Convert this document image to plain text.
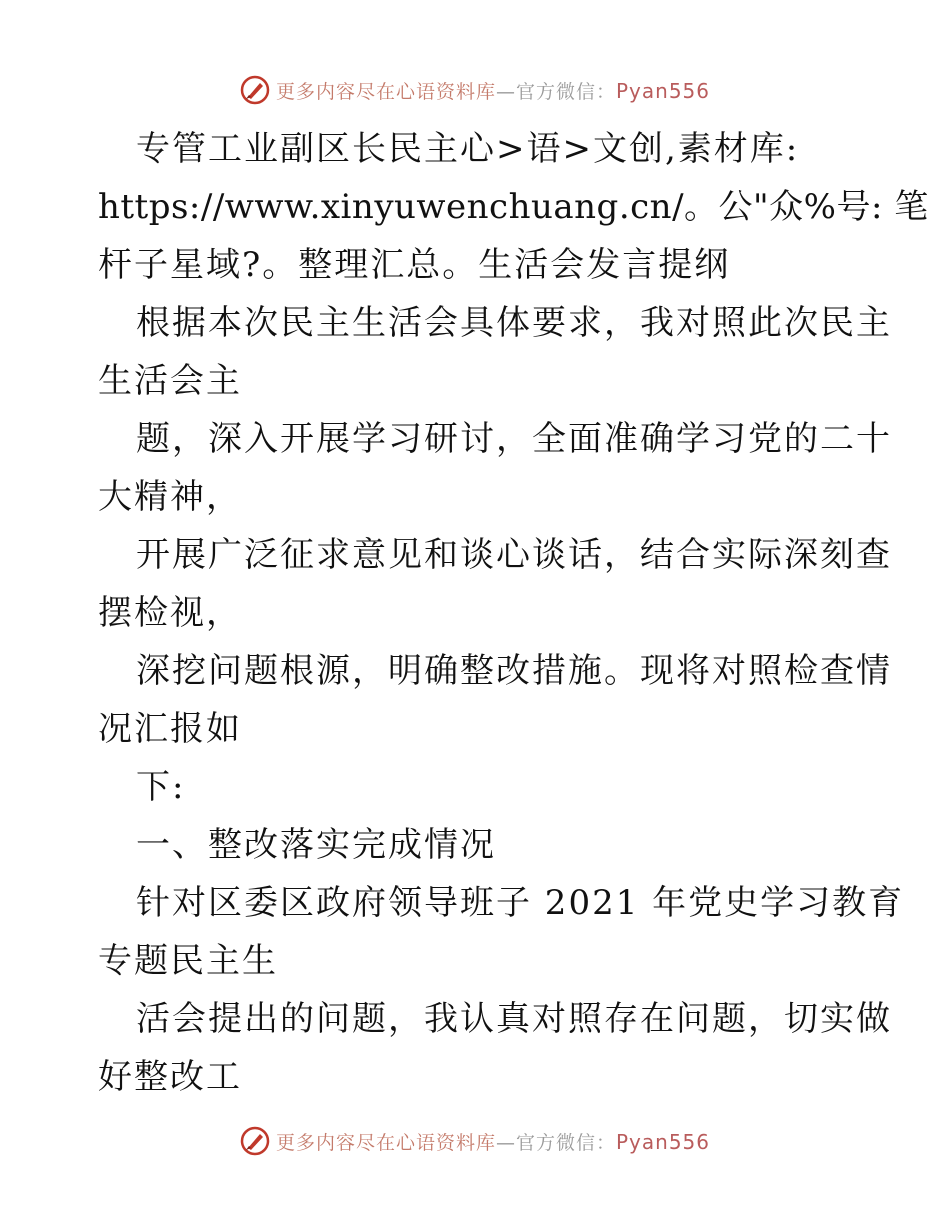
更多内容尽在心语资料库—官方微信：Pyan556
专管工业副区长民主心>语>文创,素材库:
https://www.xinyuwenchuang.cn/。公"众%号: 笔
杆子星域?。整理汇总。生活会发言提纲
根据本次民主生活会具体要求，我对照此次民主
生活会主
题，深入开展学习研讨，全面准确学习党的二十
大精神，
开展广泛征求意见和谈心谈话，结合实际深刻查
摆检视，
深挖问题根源，明确整改措施。现将对照检查情
况汇报如
下:
一、整改落实完成情况
针对区委区政府领导班子 2021 年党史学习教育
专题民主生
活会提出的问题，我认真对照存在问题，切实做
好整改工
更多内容尽在心语资料库—官方微信：Pyan556
